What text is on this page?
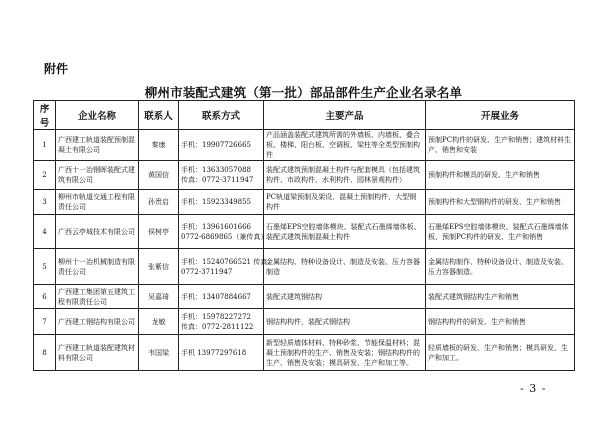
附件
柳州市装配式建筑（第一批）部品部件生产企业名录名单
序号	企业名称	联系人	联系方式	主要产品	开展业务
1	广西建工轨道装配预制混凝土有限公司	秦康	手机：19907726665	产品涵盖装配式建筑所需的外墙板、内墙板、叠合板、楼梯、阳台板、空调板、梁柱等全类型预制构件	预制PC构件的研发、生产和销售；建筑材料生产、销售和安装
2	广西十一冶钢晖装配式建筑有限公司	黄国信	手机：13633057088
传真：0772-3711947	装配式建筑预制混凝土构件与配套模具（包括建筑构件、市政构件、水利构件、园林景观构件）	预制构件和模具的研发、生产和销售
3	柳州市轨道交通工程有限责任公司	孙贵启	手机：15923349855	PC轨道梁预制及架设、混凝土预制构件、大型钢构件	预制构件和大型钢构件的研发、生产和销售
4	广西云亭城技术有限公司	侯树亭	手机：13961601666
0772-6869865（兼传真）	石墨烯EPS空腔墙体模块、装配式石墨烯墙体板、装配式建筑预制混凝土构件	石墨烯EPS空腔墙体模块、装配式石墨烯墙体板、预制PC构件的研发、生产和销售
5	柳州十一冶机械制造有限责任公司	张紫信	手机：15240766521 传真：
0772-3711947	金属结构、特种设备设计、制造及安装、压力容器制造	金属结构制作、特种设备设计、制造及安装、压力容器制造。
6	广西建工集团第五建筑工程有限责任公司	吴嘉琦	手机：13407884667	装配式建筑钢结构	装配式建筑钢结构生产和销售
7	广西建工钢结构有限公司	龙敏	手机：15978227272
传真：0772-2811122	钢结构构件，装配式钢结构	钢结构构件的研发、生产和销售
8	广西建工轨道装配建筑材料有限公司	韦国梁	手机 13977297618	新型轻质墙体材料、特种砂浆、节能保温材料；混凝土预制构件的生产、销售及安装；钢结构构件的生产、销售及安装；模具研发、生产和加工等。	轻质墙板的研发、生产和销售；模具研发、生产和加工。
- 3 -
